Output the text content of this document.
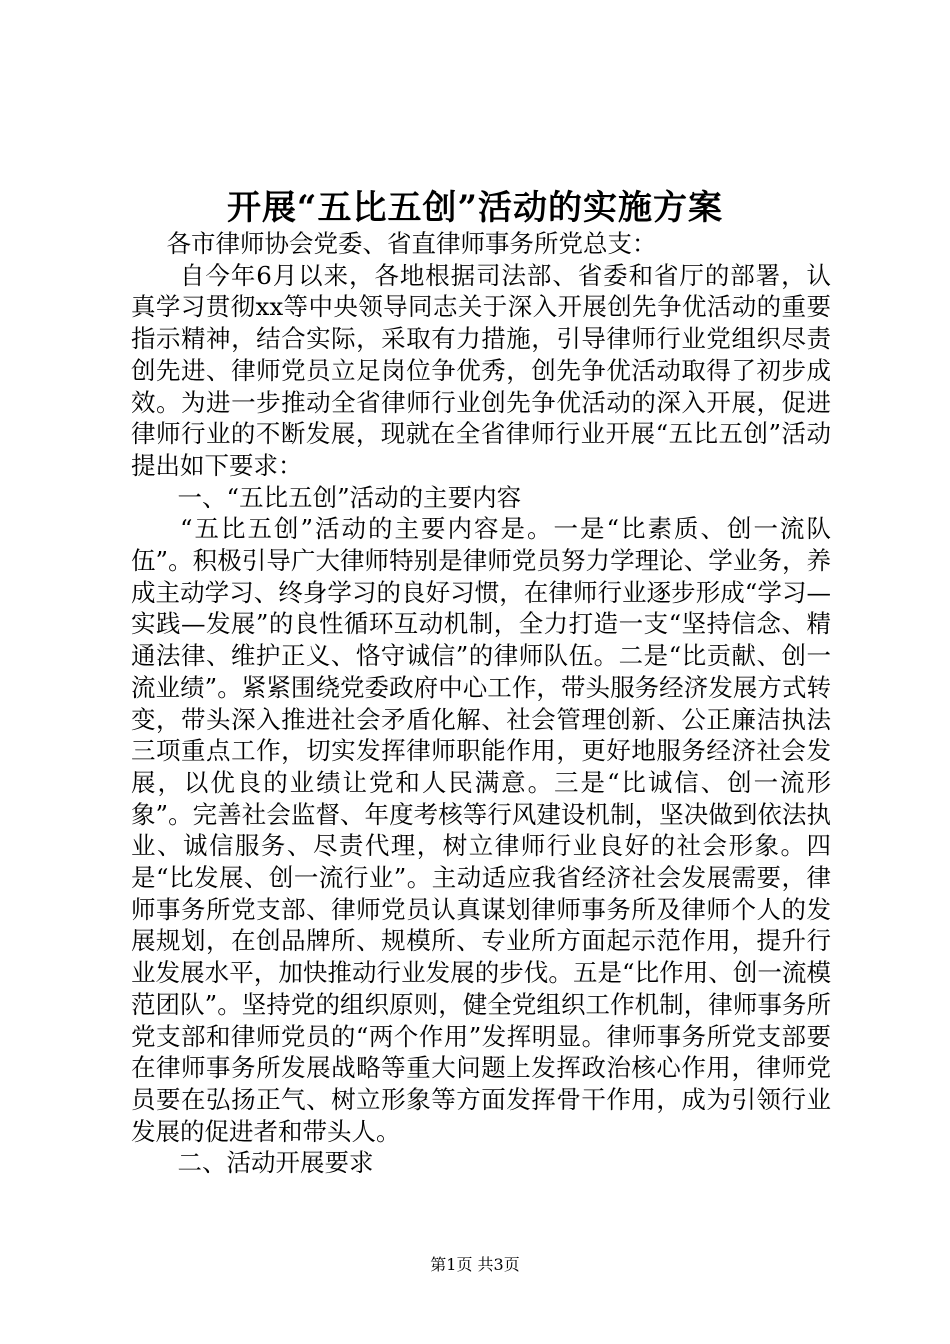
开展“五比五创”活动的实施方案

各市律师协会党委、省直律师事务所党总支：

自今年6月以来，各地根据司法部、省委和省厅的部署，认真学习贯彻xx等中央领导同志关于深入开展创先争优活动的重要指示精神，结合实际，采取有力措施，引导律师行业党组织尽责创先进、律师党员立足岗位争优秀，创先争优活动取得了初步成效。为进一步推动全省律师行业创先争优活动的深入开展，促进律师行业的不断发展，现就在全省律师行业开展“五比五创”活动提出如下要求：

一、“五比五创”活动的主要内容

“五比五创”活动的主要内容是。一是“比素质、创一流队伍”。积极引导广大律师特别是律师党员努力学理论、学业务，养成主动学习、终身学习的良好习惯，在律师行业逐步形成“学习—实践—发展”的良性循环互动机制，全力打造一支“坚持信念、精通法律、维护正义、恪守诚信”的律师队伍。二是“比贡献、创一流业绩”。紧紧围绕党委政府中心工作，带头服务经济发展方式转变，带头深入推进社会矛盾化解、社会管理创新、公正廉洁执法三项重点工作，切实发挥律师职能作用，更好地服务经济社会发展，以优良的业绩让党和人民满意。三是“比诚信、创一流形象”。完善社会监督、年度考核等行风建设机制，坚决做到依法执业、诚信服务、尽责代理，树立律师行业良好的社会形象。四是“比发展、创一流行业”。主动适应我省经济社会发展需要，律师事务所党支部、律师党员认真谋划律师事务所及律师个人的发展规划，在创品牌所、规模所、专业所方面起示范作用，提升行业发展水平，加快推动行业发展的步伐。五是“比作用、创一流模范团队”。坚持党的组织原则，健全党组织工作机制，律师事务所党支部和律师党员的“两个作用”发挥明显。律师事务所党支部要在律师事务所发展战略等重大问题上发挥政治核心作用，律师党员要在弘扬正气、树立形象等方面发挥骨干作用，成为引领行业发展的促进者和带头人。

二、活动开展要求

第1页 共3页
